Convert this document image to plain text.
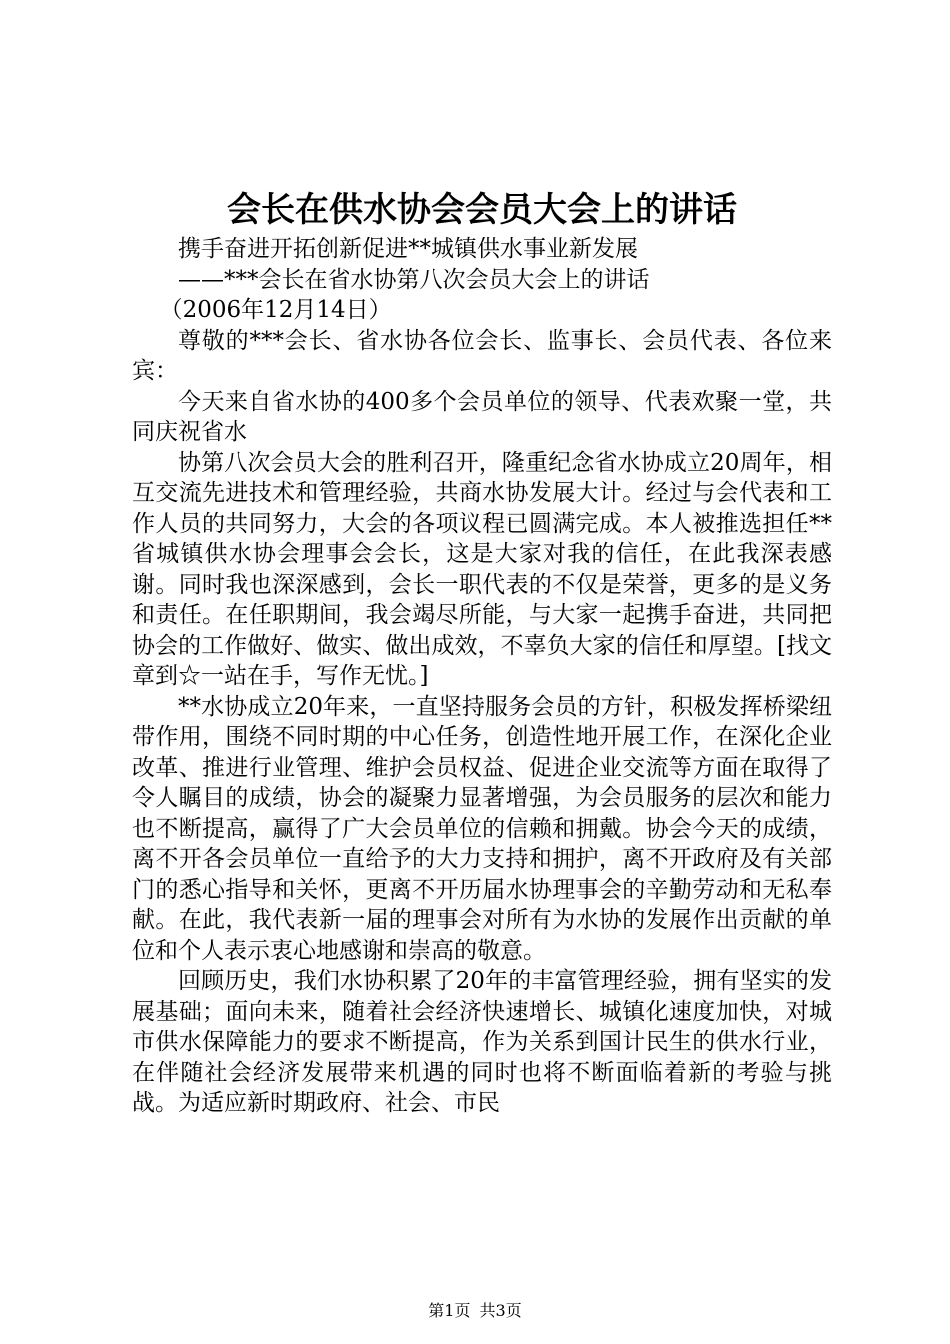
会长在供水协会会员大会上的讲话

携手奋进开拓创新促进**城镇供水事业新发展

——***会长在省水协第八次会员大会上的讲话

（2006年12月14日）

尊敬的***会长、省水协各位会长、监事长、会员代表、各位来宾：

今天来自省水协的400多个会员单位的领导、代表欢聚一堂，共同庆祝省水

协第八次会员大会的胜利召开，隆重纪念省水协成立20周年，相互交流先进技术和管理经验，共商水协发展大计。经过与会代表和工作人员的共同努力，大会的各项议程已圆满完成。本人被推选担任**省城镇供水协会理事会会长，这是大家对我的信任，在此我深表感谢。同时我也深深感到，会长一职代表的不仅是荣誉，更多的是义务和责任。在任职期间，我会竭尽所能，与大家一起携手奋进，共同把协会的工作做好、做实、做出成效，不辜负大家的信任和厚望。[找文章到☆一站在手，写作无忧。]

**水协成立20年来，一直坚持服务会员的方针，积极发挥桥梁纽带作用，围绕不同时期的中心任务，创造性地开展工作，在深化企业改革、推进行业管理、维护会员权益、促进企业交流等方面在取得了令人瞩目的成绩，协会的凝聚力显著增强，为会员服务的层次和能力也不断提高，赢得了广大会员单位的信赖和拥戴。协会今天的成绩，离不开各会员单位一直给予的大力支持和拥护，离不开政府及有关部门的悉心指导和关怀，更离不开历届水协理事会的辛勤劳动和无私奉献。在此，我代表新一届的理事会对所有为水协的发展作出贡献的单位和个人表示衷心地感谢和崇高的敬意。

回顾历史，我们水协积累了20年的丰富管理经验，拥有坚实的发展基础；面向未来，随着社会经济快速增长、城镇化速度加快，对城市供水保障能力的要求不断提高，作为关系到国计民生的供水行业，在伴随社会经济发展带来机遇的同时也将不断面临着新的考验与挑战。为适应新时期政府、社会、市民

第1页 共3页
